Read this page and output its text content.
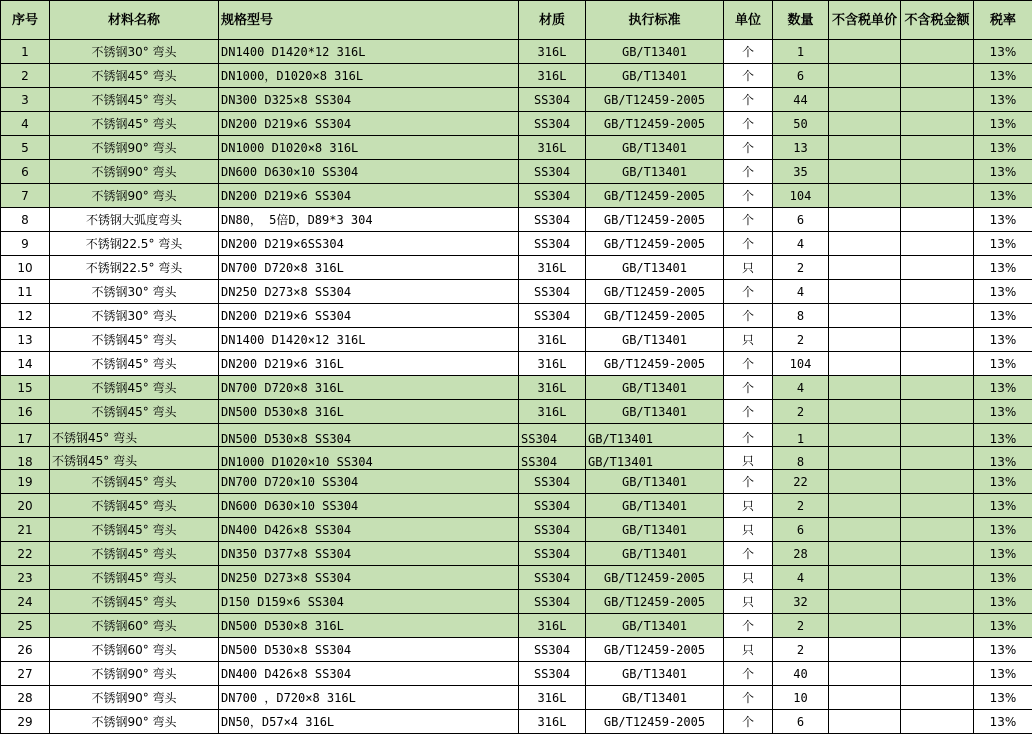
序号	材料名称	规格型号	材质	执行标准	单位	数量	不含税单价	不含税金额	税率
1	不锈钢30° 弯头	DN1400 D1420*12 316L	316L	GB/T13401	个	1			13%
2	不锈钢45° 弯头	DN1000，D1020×8 316L	316L	GB/T13401	个	6			13%
3	不锈钢45° 弯头	DN300 D325×8 SS304	SS304	GB/T12459-2005	个	44			13%
4	不锈钢45° 弯头	DN200 D219×6 SS304	SS304	GB/T12459-2005	个	50			13%
5	不锈钢90° 弯头	DN1000 D1020×8 316L	316L	GB/T13401	个	13			13%
6	不锈钢90° 弯头	DN600 D630×10 SS304	SS304	GB/T13401	个	35			13%
7	不锈钢90° 弯头	DN200 D219×6 SS304	SS304	GB/T12459-2005	个	104			13%
8	不锈钢大弧度弯头	DN80， 5倍D，D89*3 304	SS304	GB/T12459-2005	个	6			13%
9	不锈钢22.5° 弯头	DN200 D219×6SS304	SS304	GB/T12459-2005	个	4			13%
10	不锈钢22.5° 弯头	DN700 D720×8 316L	316L	GB/T13401	只	2			13%
11	不锈钢30° 弯头	DN250 D273×8 SS304	SS304	GB/T12459-2005	个	4			13%
12	不锈钢30° 弯头	DN200 D219×6 SS304	SS304	GB/T12459-2005	个	8			13%
13	不锈钢45° 弯头	DN1400 D1420×12 316L	316L	GB/T13401	只	2			13%
14	不锈钢45° 弯头	DN200 D219×6 316L	316L	GB/T12459-2005	个	104			13%
15	不锈钢45° 弯头	DN700 D720×8 316L	316L	GB/T13401	个	4			13%
16	不锈钢45° 弯头	DN500 D530×8 316L	316L	GB/T13401	个	2			13%
17	不锈钢45° 弯头	DN500 D530×8 SS304	SS304	GB/T13401	个	1			13%
18	不锈钢45° 弯头	DN1000 D1020×10 SS304	SS304	GB/T13401	只	8			13%
19	不锈钢45° 弯头	DN700 D720×10 SS304	SS304	GB/T13401	个	22			13%
20	不锈钢45° 弯头	DN600 D630×10 SS304	SS304	GB/T13401	只	2			13%
21	不锈钢45° 弯头	DN400 D426×8 SS304	SS304	GB/T13401	只	6			13%
22	不锈钢45° 弯头	DN350 D377×8 SS304	SS304	GB/T13401	个	28			13%
23	不锈钢45° 弯头	DN250 D273×8 SS304	SS304	GB/T12459-2005	只	4			13%
24	不锈钢45° 弯头	D150 D159×6 SS304	SS304	GB/T12459-2005	只	32			13%
25	不锈钢60° 弯头	DN500 D530×8 316L	316L	GB/T13401	个	2			13%
26	不锈钢60° 弯头	DN500 D530×8 SS304	SS304	GB/T12459-2005	只	2			13%
27	不锈钢90° 弯头	DN400 D426×8 SS304	SS304	GB/T13401	个	40			13%
28	不锈钢90° 弯头	DN700 ，D720×8 316L	316L	GB/T13401	个	10			13%
29	不锈钢90° 弯头	DN50，D57×4 316L	316L	GB/T12459-2005	个	6			13%
阀门
